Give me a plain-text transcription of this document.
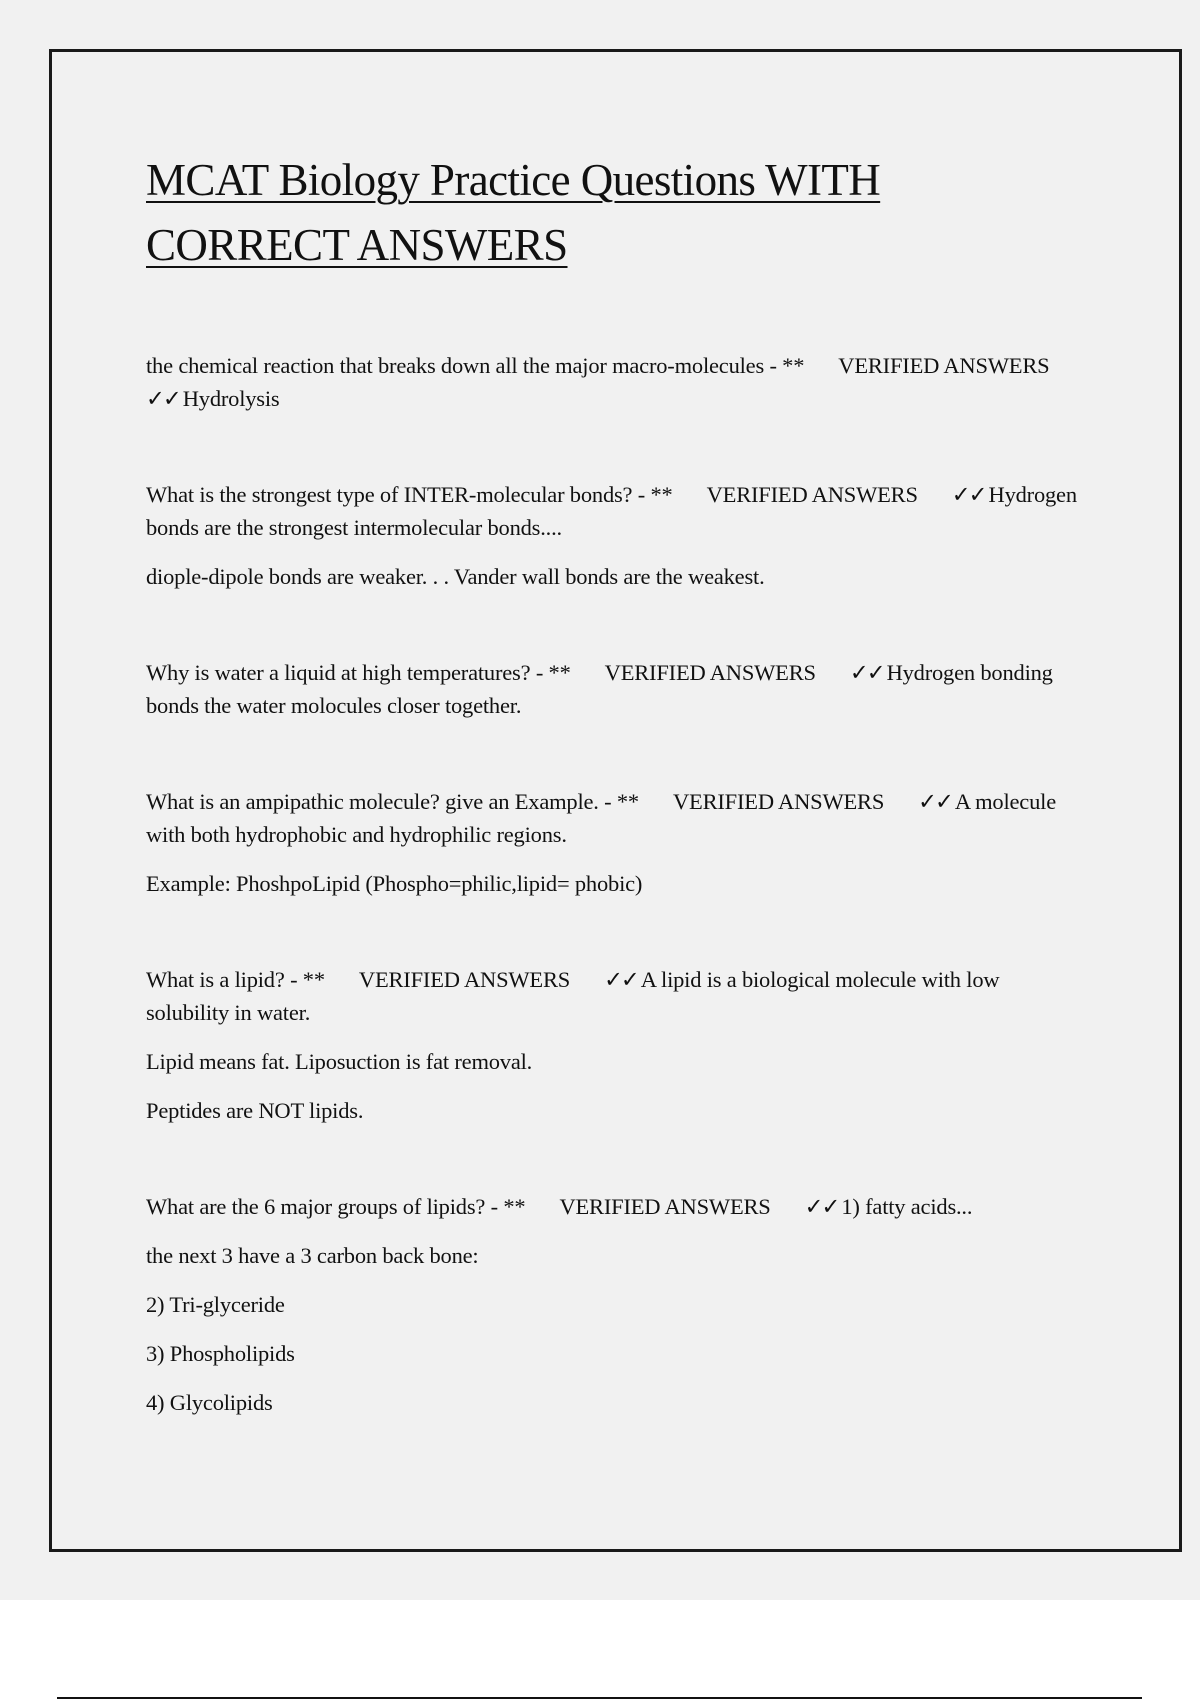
MCAT Biology Practice Questions WITH CORRECT ANSWERS

the chemical reaction that breaks down all the major macro-molecules - ** VERIFIED ANSWERS✓✓ Hydrolysis

What is the strongest type of INTER-molecular bonds? - ** VERIFIED ANSWERS ✓✓ Hydrogen bonds are the strongest intermolecular bonds....

diople-dipole bonds are weaker. . . Vander wall bonds are the weakest.

Why is water a liquid at high temperatures? - ** VERIFIED ANSWERS ✓✓ Hydrogen bonding bonds the water molocules closer together.

What is an ampipathic molecule? give an Example. - ** VERIFIED ANSWERS ✓✓ A molecule with both hydrophobic and hydrophilic regions.

Example: PhoshpoLipid (Phospho=philic,lipid= phobic)

What is a lipid? - ** VERIFIED ANSWERS ✓✓ A lipid is a biological molecule with low solubility in water.

Lipid means fat. Liposuction is fat removal.

Peptides are NOT lipids.

What are the 6 major groups of lipids? - ** VERIFIED ANSWERS ✓✓ 1) fatty acids...

the next 3 have a 3 carbon back bone:

2) Tri-glyceride

3) Phospholipids

4) Glycolipids
